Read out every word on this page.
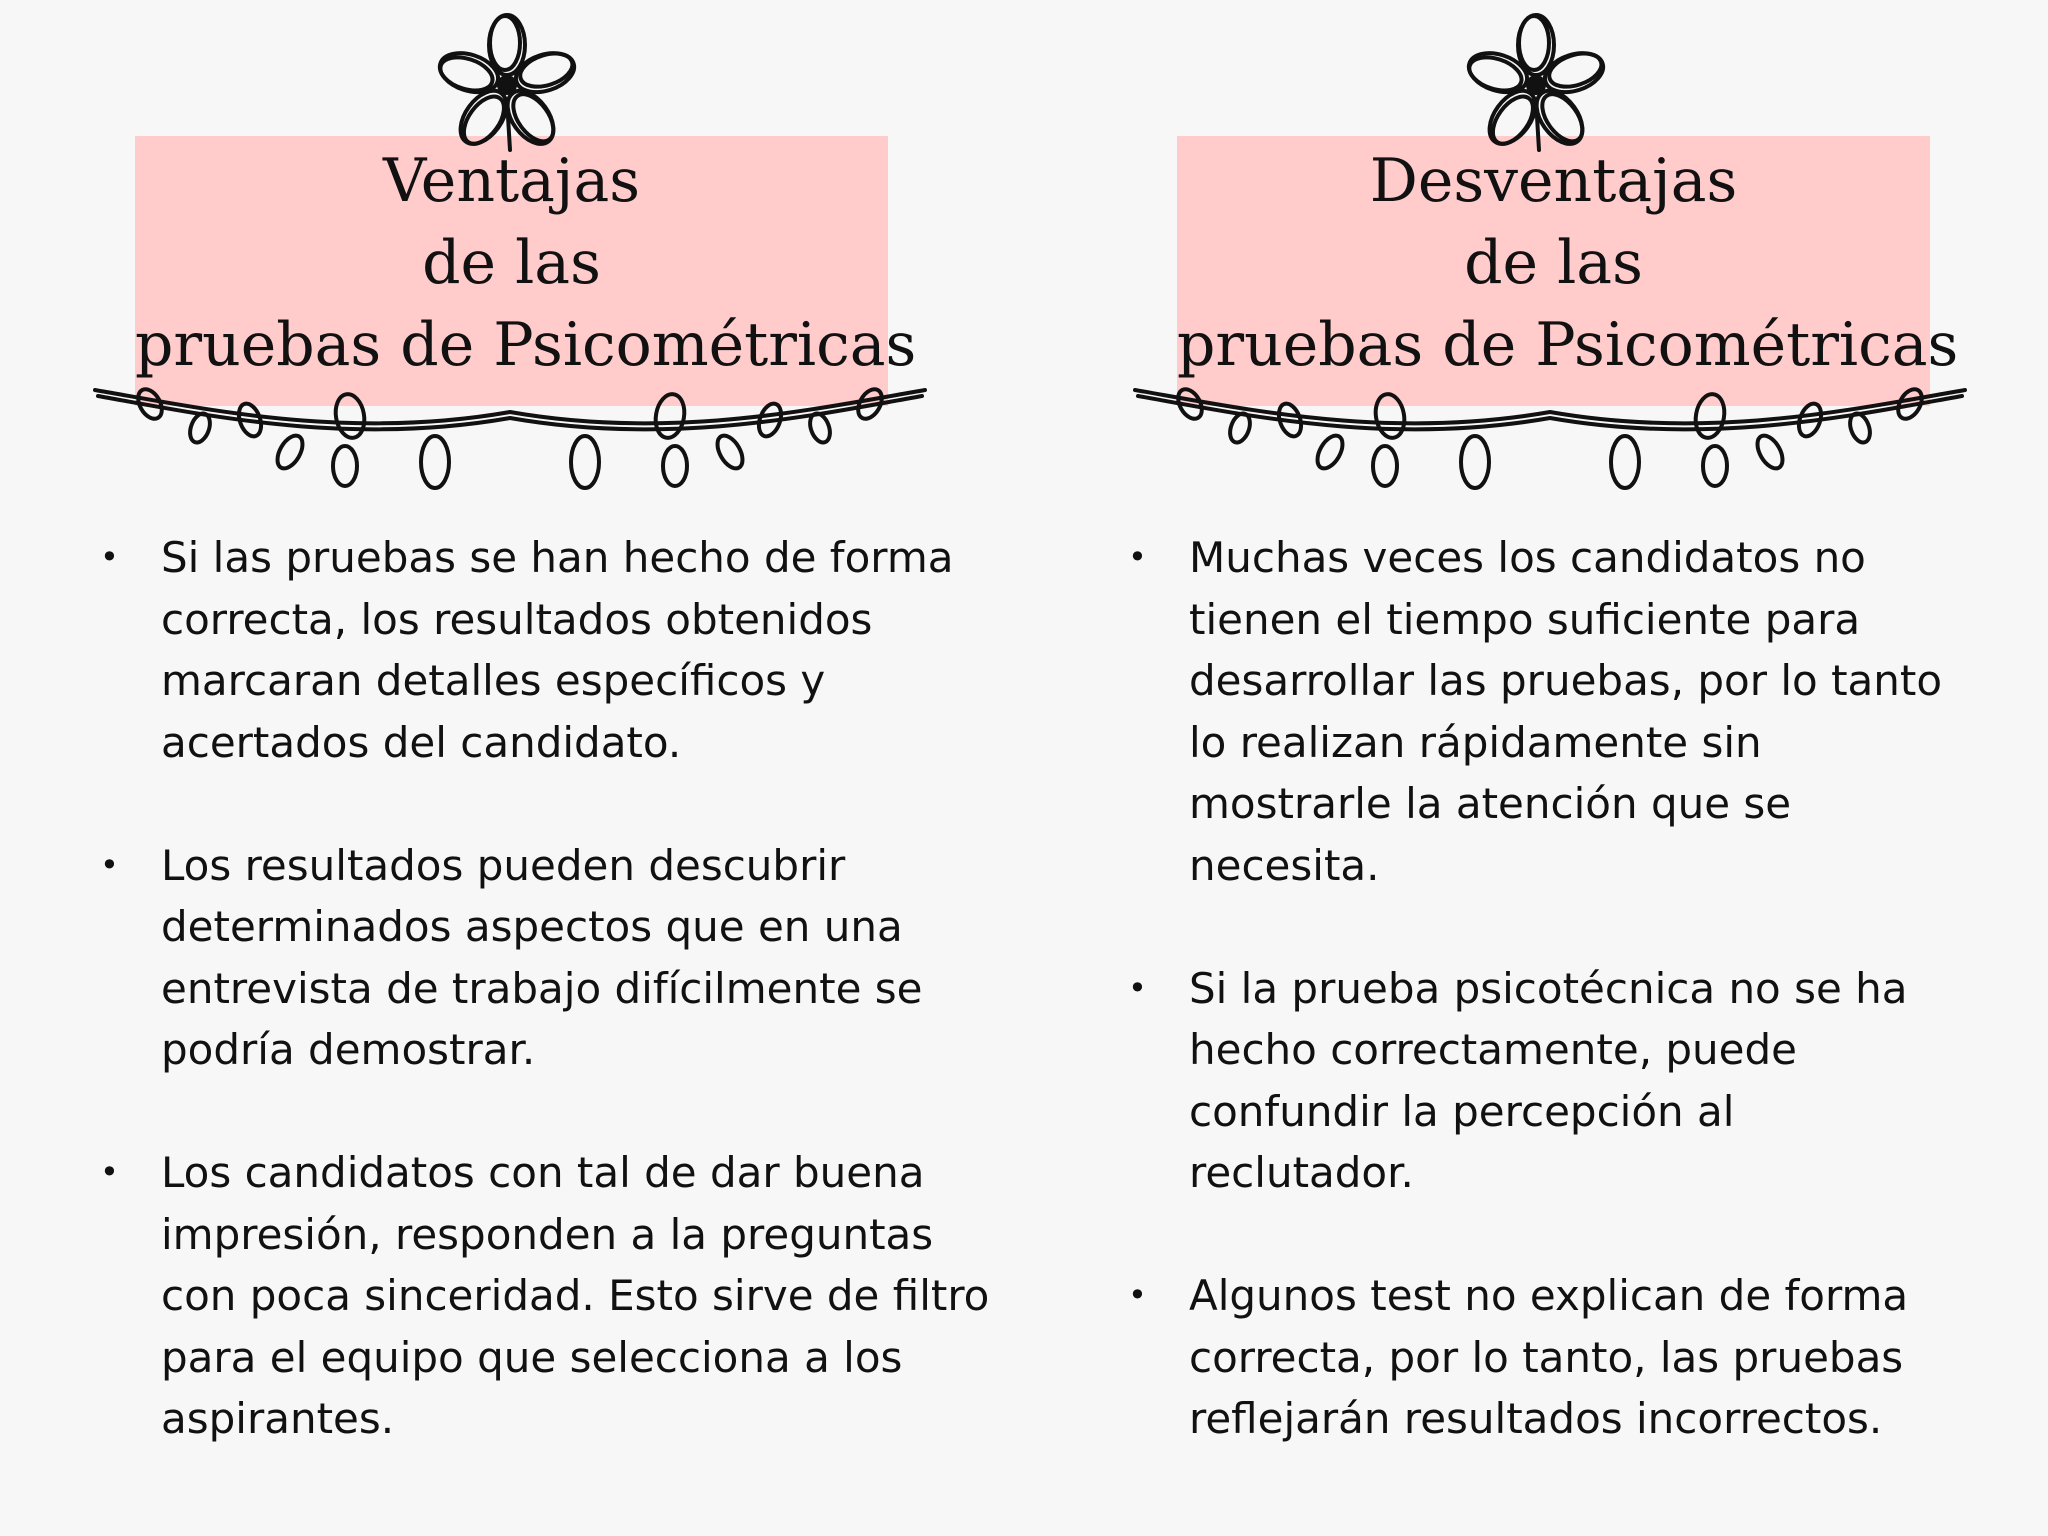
Ventajas
de las
pruebas de Psicométricas
• Si las pruebas se han hecho de forma
correcta, los resultados obtenidos
marcaran detalles específicos y
acertados del candidato.
• Los resultados pueden descubrir
determinados aspectos que en una
entrevista de trabajo difícilmente se
podría demostrar.
• Los candidatos con tal de dar buena
impresión, responden a la preguntas
con poca sinceridad. Esto sirve de filtro
para el equipo que selecciona a los
aspirantes.
Desventajas
de las
pruebas de Psicométricas
• Muchas veces los candidatos no
tienen el tiempo suficiente para
desarrollar las pruebas, por lo tanto
lo realizan rápidamente sin
mostrarle la atención que se
necesita.
• Si la prueba psicotécnica no se ha
hecho correctamente, puede
confundir la percepción al
reclutador.
• Algunos test no explican de forma
correcta, por lo tanto, las pruebas
reflejarán resultados incorrectos.
